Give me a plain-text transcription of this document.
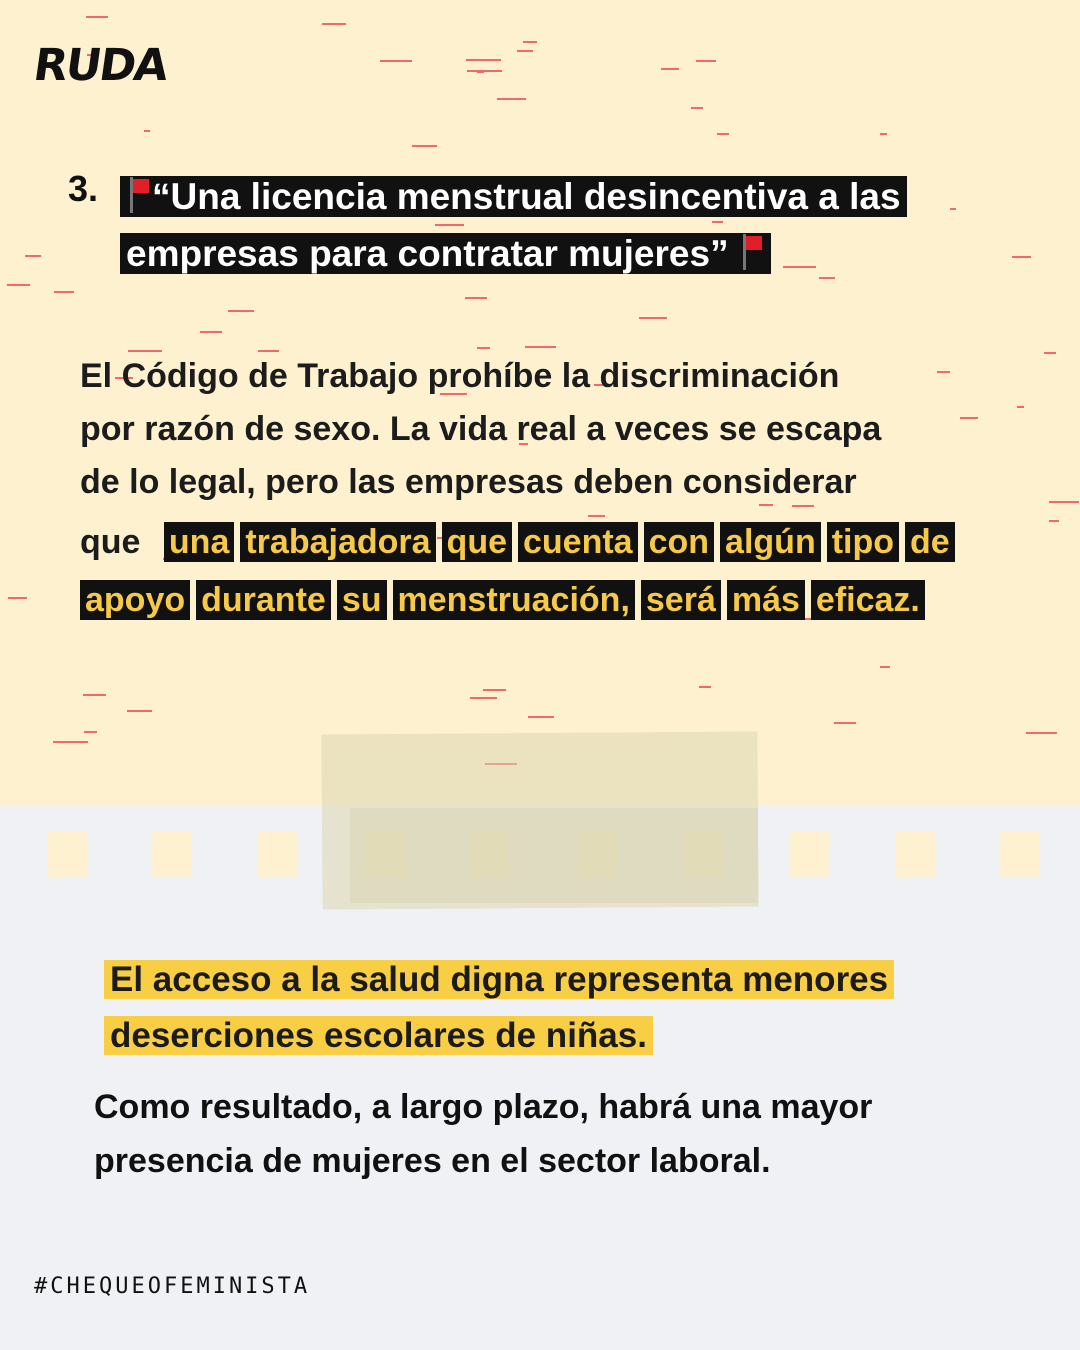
RUDA
3.	“Una licencia menstrual desincentiva a las
empresas para contratar mujeres”
El Código de Trabajo prohíbe la discriminación
por razón de sexo. La vida real a veces se escapa
de lo legal, pero las empresas deben considerar
que una trabajadora que cuenta con algún tipo deapoyo durante su menstruación, será más eficaz.
El acceso a la salud digna representa menores
deserciones escolares de niñas.
Como resultado, a largo plazo, habrá una mayor
presencia de mujeres en el sector laboral.
#CHEQUEOFEMINISTA
